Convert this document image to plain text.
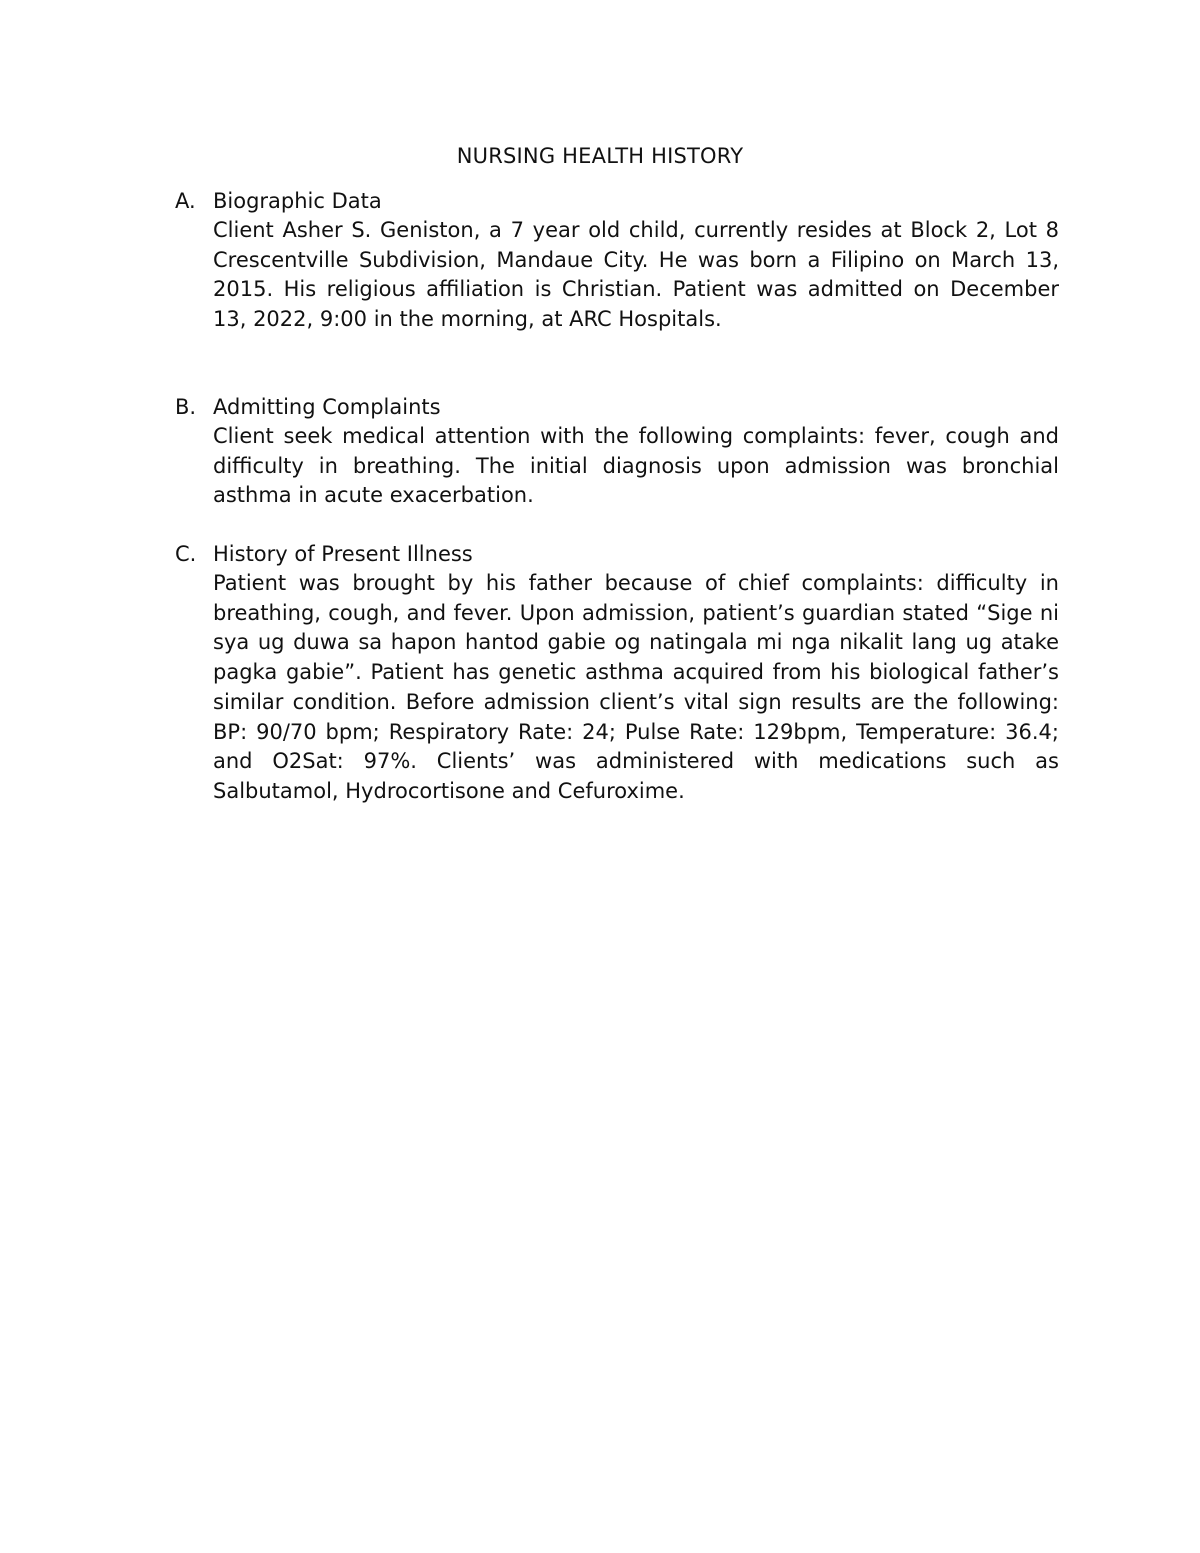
NURSING HEALTH HISTORY
A. Biographic Data
Client Asher S. Geniston, a 7 year old child, currently resides at Block 2, Lot 8 Crescentville Subdivision, Mandaue City. He was born a Filipino on March 13, 2015. His religious affiliation is Christian. Patient was admitted on December 13, 2022, 9:00 in the morning, at ARC Hospitals.
B. Admitting Complaints
Client seek medical attention with the following complaints: fever, cough and difficulty in breathing. The initial diagnosis upon admission was bronchial asthma in acute exacerbation.
C. History of Present Illness
Patient was brought by his father because of chief complaints: difficulty in breathing, cough, and fever. Upon admission, patient’s guardian stated “Sige ni sya ug duwa sa hapon hantod gabie og natingala mi nga nikalit lang ug atake pagka gabie”. Patient has genetic asthma acquired from his biological father’s similar condition. Before admission client’s vital sign results are the following: BP: 90/70 bpm; Respiratory Rate: 24; Pulse Rate: 129bpm, Temperature: 36.4; and O2Sat: 97%. Clients’ was administered with medications such as Salbutamol, Hydrocortisone and Cefuroxime.
